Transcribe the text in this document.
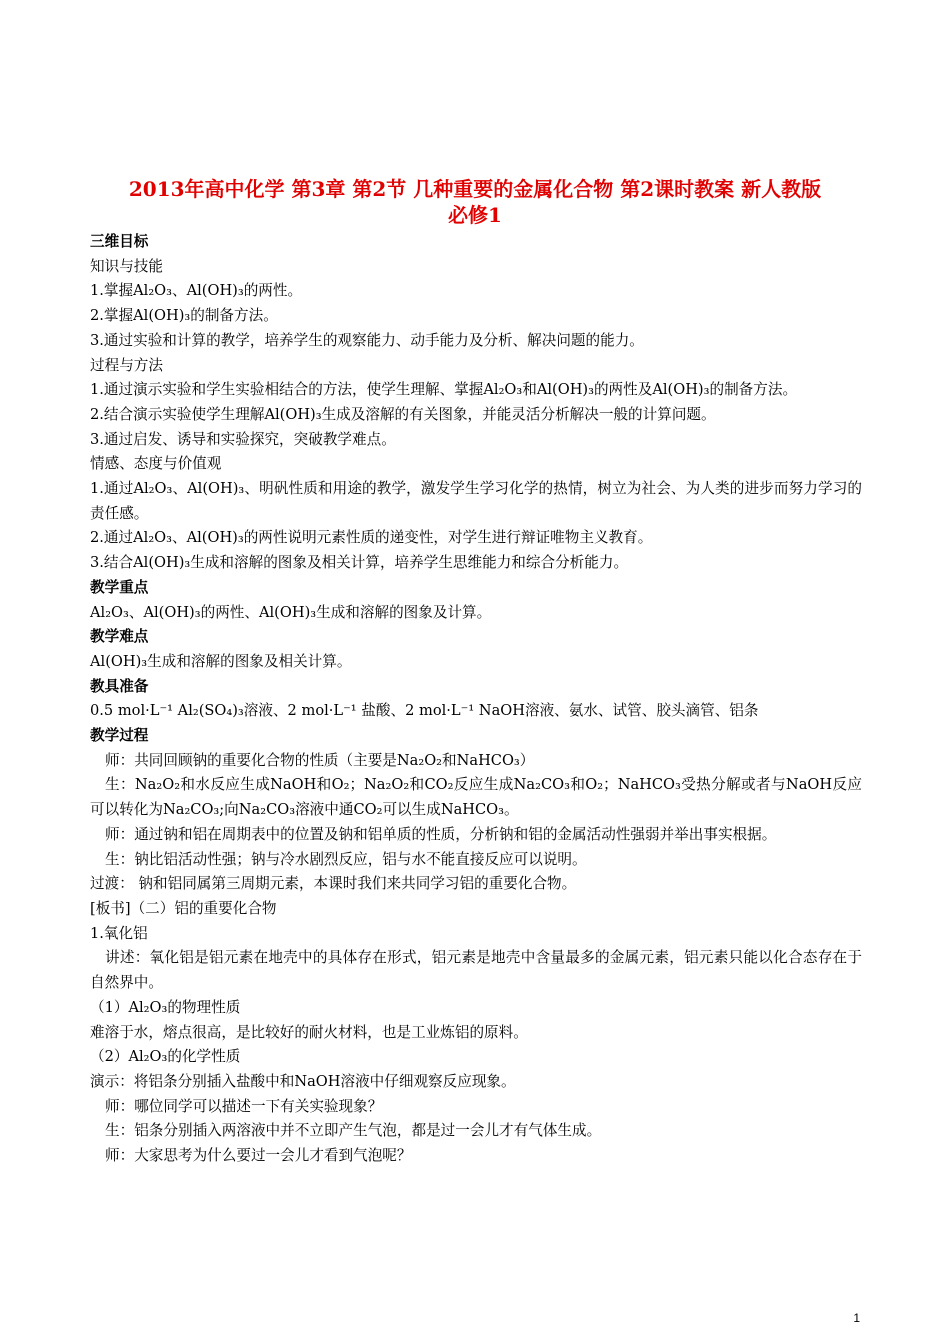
2013年高中化学 第3章 第2节 几种重要的金属化合物 第2课时教案 新人教版
必修1

三维目标

知识与技能

1.掌握Al₂O₃、Al(OH)₃的两性。

2.掌握Al(OH)₃的制备方法。

3.通过实验和计算的教学，培养学生的观察能力、动手能力及分析、解决问题的能力。

过程与方法

1.通过演示实验和学生实验相结合的方法，使学生理解、掌握Al₂O₃和Al(OH)₃的两性及Al(OH)₃的制备方法。

2.结合演示实验使学生理解Al(OH)₃生成及溶解的有关图象，并能灵活分析解决一般的计算问题。

3.通过启发、诱导和实验探究，突破教学难点。

情感、态度与价值观

1.通过Al₂O₃、Al(OH)₃、明矾性质和用途的教学，激发学生学习化学的热情，树立为社会、为人类的进步而努力学习的责任感。

2.通过Al₂O₃、Al(OH)₃的两性说明元素性质的递变性，对学生进行辩证唯物主义教育。

3.结合Al(OH)₃生成和溶解的图象及相关计算，培养学生思维能力和综合分析能力。

教学重点

Al₂O₃、Al(OH)₃的两性、Al(OH)₃生成和溶解的图象及计算。

教学难点

Al(OH)₃生成和溶解的图象及相关计算。

教具准备

0.5 mol·L⁻¹ Al₂(SO₄)₃溶液、2 mol·L⁻¹ 盐酸、2 mol·L⁻¹ NaOH溶液、氨水、试管、胶头滴管、铝条

教学过程

师：共同回顾钠的重要化合物的性质（主要是Na₂O₂和NaHCO₃）

生：Na₂O₂和水反应生成NaOH和O₂；Na₂O₂和CO₂反应生成Na₂CO₃和O₂；NaHCO₃受热分解或者与NaOH反应可以转化为Na₂CO₃;向Na₂CO₃溶液中通CO₂可以生成NaHCO₃。

师：通过钠和铝在周期表中的位置及钠和铝单质的性质，分析钠和铝的金属活动性强弱并举出事实根据。

生：钠比铝活动性强；钠与冷水剧烈反应，铝与水不能直接反应可以说明。

过渡： 钠和铝同属第三周期元素，本课时我们来共同学习铝的重要化合物。

[板书]（二）铝的重要化合物

1.氧化铝

讲述：氧化铝是铝元素在地壳中的具体存在形式，铝元素是地壳中含量最多的金属元素，铝元素只能以化合态存在于自然界中。

（1）Al₂O₃的物理性质

难溶于水，熔点很高，是比较好的耐火材料，也是工业炼铝的原料。

（2）Al₂O₃的化学性质

演示：将铝条分别插入盐酸中和NaOH溶液中仔细观察反应现象。

师：哪位同学可以描述一下有关实验现象？

生：铝条分别插入两溶液中并不立即产生气泡，都是过一会儿才有气体生成。

师：大家思考为什么要过一会儿才看到气泡呢？

1
